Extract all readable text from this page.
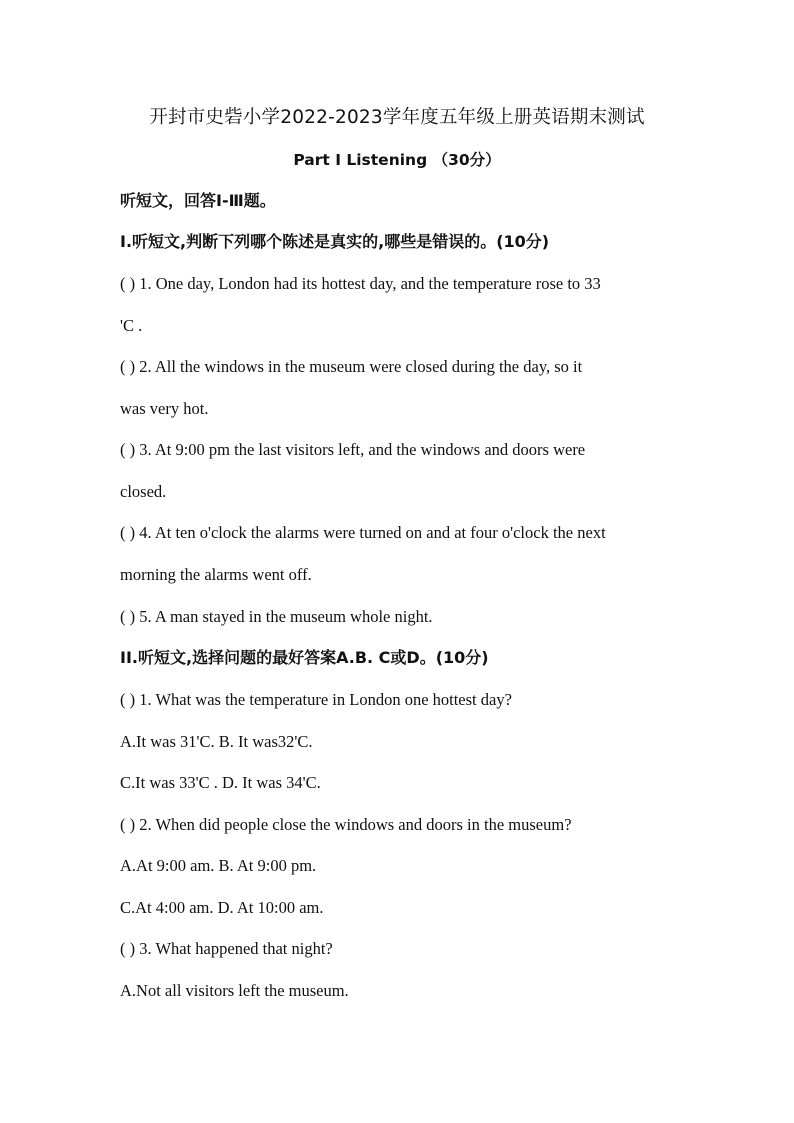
开封市史砦小学2022-2023学年度五年级上册英语期末测试
Part I Listening （30分）
听短文，回答Ⅰ-Ⅲ题。
I.听短文,判断下列哪个陈述是真实的,哪些是错误的。(10分)
( ) 1. One day, London had its hottest day, and the temperature rose to 33
'C .
( ) 2. All the windows in the museum were closed during the day, so it
was very hot.
( ) 3. At 9:00 pm the last visitors left, and the windows and doors were
closed.
( ) 4. At ten o'clock the alarms were turned on and at four o'clock the next
morning the alarms went off.
( ) 5. A man stayed in the museum whole night.
II.听短文,选择问题的最好答案A.B. C或D。(10分)
( ) 1. What was the temperature in London one hottest day?
A.It was 31'C. B. It was32'C.
C.It was 33'C . D. It was 34'C.
( ) 2. When did people close the windows and doors in the museum?
A.At 9:00 am. B. At 9:00 pm.
C.At 4:00 am. D. At 10:00 am.
( ) 3. What happened that night?
A.Not all visitors left the museum.
